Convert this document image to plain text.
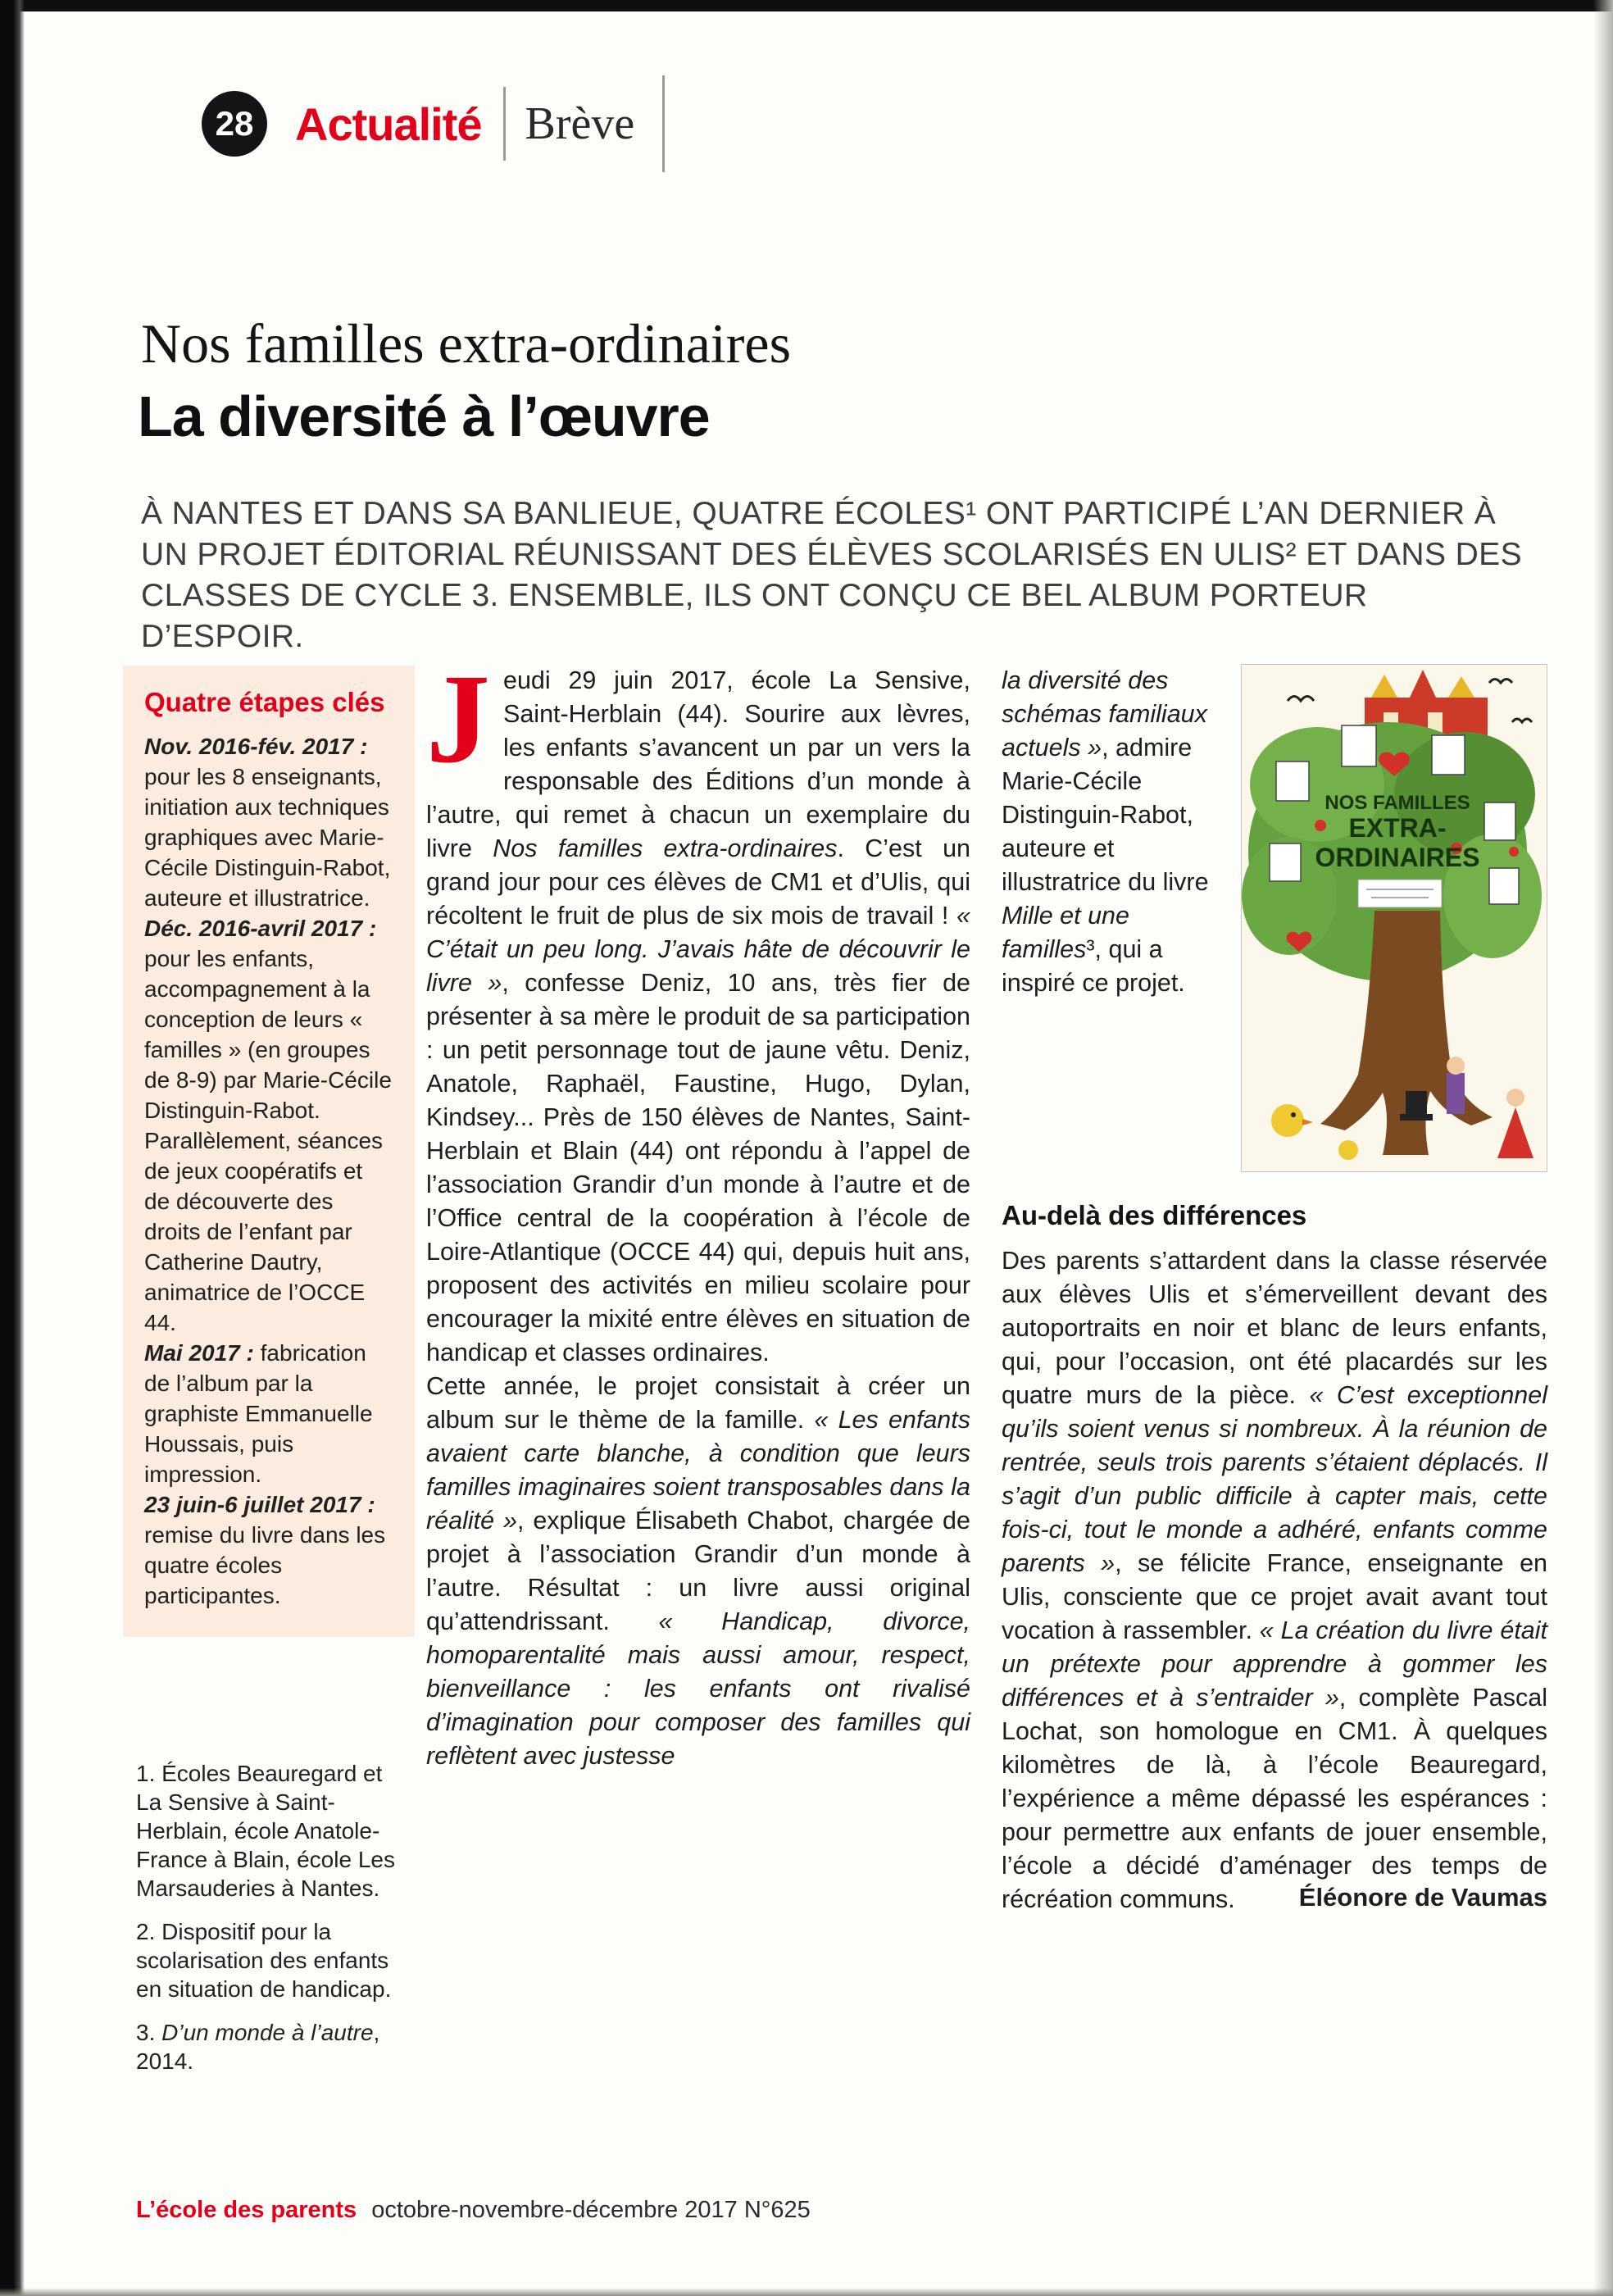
28 Actualité Brève
Nos familles extra-ordinaires
La diversité à l’œuvre

À NANTES ET DANS SA BANLIEUE, QUATRE ÉCOLES¹ ONT PARTICIPÉ L’AN DERNIER À UN PROJET ÉDITORIAL RÉUNISSANT DES ÉLÈVES SCOLARISÉS EN ULIS² ET DANS DES CLASSES DE CYCLE 3. ENSEMBLE, ILS ONT CONÇU CE BEL ALBUM PORTEUR D’ESPOIR.

Quatre étapes clés

Nov. 2016-fév. 2017 : pour les 8 enseignants, initiation aux techniques graphiques avec Marie-Cécile Distinguin-Rabot, auteure et illustratrice.

Déc. 2016-avril 2017 : pour les enfants, accompagnement à la conception de leurs « familles » (en groupes de 8-9) par Marie-Cécile Distinguin-Rabot. Parallèlement, séances de jeux coopératifs et de découverte des droits de l’enfant par Catherine Dautry, animatrice de l’OCCE 44.

Mai 2017 : fabrication de l’album par la graphiste Emmanuelle Houssais, puis impression.

23 juin-6 juillet 2017 : remise du livre dans les quatre écoles participantes.

1. Écoles Beauregard et La Sensive à Saint-Herblain, école Anatole-France à Blain, école Les Marsauderies à Nantes.

2. Dispositif pour la scolarisation des enfants en situation de handicap.

3. D’un monde à l’autre, 2014.

Jeudi 29 juin 2017, école La Sensive, Saint-Herblain (44). Sourire aux lèvres, les enfants s’avancent un par un vers la responsable des Éditions d’un monde à l’autre, qui remet à chacun un exemplaire du livre Nos familles extra-ordinaires. C’est un grand jour pour ces élèves de CM1 et d’Ulis, qui récoltent le fruit de plus de six mois de travail ! « C’était un peu long. J’avais hâte de découvrir le livre », confesse Deniz, 10 ans, très fier de présenter à sa mère le produit de sa participation : un petit personnage tout de jaune vêtu. Deniz, Anatole, Raphaël, Faustine, Hugo, Dylan, Kindsey... Près de 150 élèves de Nantes, Saint-Herblain et Blain (44) ont répondu à l’appel de l’association Grandir d’un monde à l’autre et de l’Office central de la coopération à l’école de Loire-Atlantique (OCCE 44) qui, depuis huit ans, proposent des activités en milieu scolaire pour encourager la mixité entre élèves en situation de handicap et classes ordinaires.

Cette année, le projet consistait à créer un album sur le thème de la famille. « Les enfants avaient carte blanche, à condition que leurs familles imaginaires soient transposables dans la réalité », explique Élisabeth Chabot, chargée de projet à l’association Grandir d’un monde à l’autre. Résultat : un livre aussi original qu’attendrissant. « Handicap, divorce, homoparentalité mais aussi amour, respect, bienveillance : les enfants ont rivalisé d’imagination pour composer des familles qui reflètent avec justesse

la diversité des schémas familiaux actuels », admire Marie-Cécile Distinguin-Rabot, auteure et illustratrice du livre Mille et une familles³, qui a inspiré ce projet.
NOS FAMILLES
EXTRA-
ORDINAIRES
Au-delà des différences

Des parents s’attardent dans la classe réservée aux élèves Ulis et s’émerveillent devant des autoportraits en noir et blanc de leurs enfants, qui, pour l’occasion, ont été placardés sur les quatre murs de la pièce. « C’est exceptionnel qu’ils soient venus si nombreux. À la réunion de rentrée, seuls trois parents s’étaient déplacés. Il s’agit d’un public difficile à capter mais, cette fois-ci, tout le monde a adhéré, enfants comme parents », se félicite France, enseignante en Ulis, consciente que ce projet avait avant tout vocation à rassembler. « La création du livre était un prétexte pour apprendre à gommer les différences et à s’entraider », complète Pascal Lochat, son homologue en CM1. À quelques kilomètres de là, à l’école Beauregard, l’expérience a même dépassé les espérances : pour permettre aux enfants de jouer ensemble, l’école a décidé d’aménager des temps de récréation communs.	Éléonore de Vaumas
L’école des parents octobre-novembre-décembre 2017 N°625
